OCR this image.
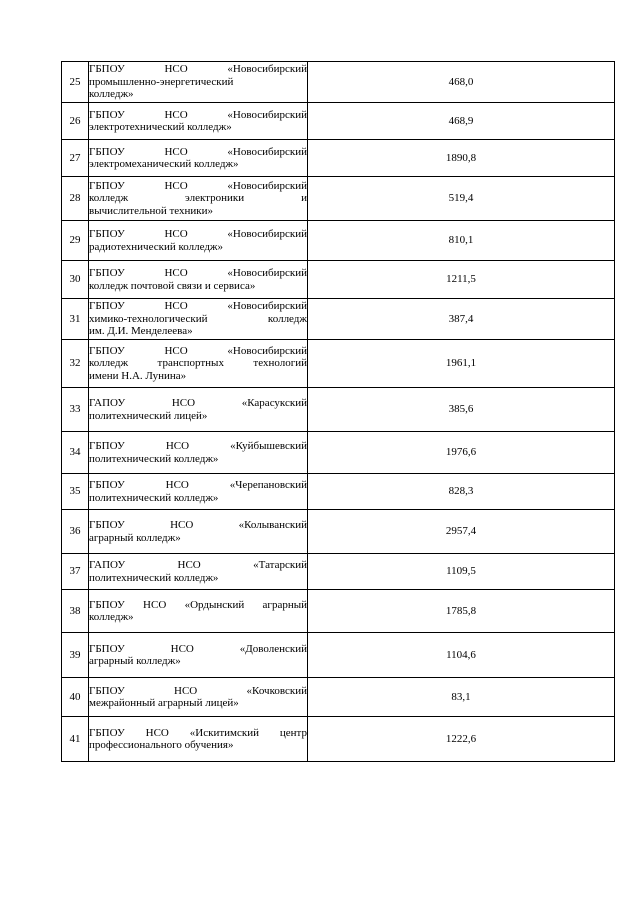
25	ГБПОУ НСО «Новосибирский
промышленно-энергетический
колледж»	468,0
26	ГБПОУ НСО «Новосибирский
электротехнический колледж»	468,9
27	ГБПОУ НСО «Новосибирский
электромеханический колледж»	1890,8
28	ГБПОУ НСО «Новосибирский
колледж электроники и
вычислительной техники»	519,4
29	ГБПОУ НСО «Новосибирский
радиотехнический колледж»	810,1
30	ГБПОУ НСО «Новосибирский
колледж почтовой связи и сервиса»	1211,5
31	ГБПОУ НСО «Новосибирский
химико-технологический колледж
им. Д.И. Менделеева»	387,4
32	ГБПОУ НСО «Новосибирский
колледж транспортных технологий
имени Н.А. Лунина»	1961,1
33	ГАПОУ НСО «Карасукский
политехнический лицей»	385,6
34	ГБПОУ НСО «Куйбышевский
политехнический колледж»	1976,6
35	ГБПОУ НСО «Черепановский
политехнический колледж»	828,3
36	ГБПОУ НСО «Колыванский
аграрный колледж»	2957,4
37	ГАПОУ НСО «Татарский
политехнический колледж»	1109,5
38	ГБПОУ НСО «Ордынский аграрный
колледж»	1785,8
39	ГБПОУ НСО «Доволенский
аграрный колледж»	1104,6
40	ГБПОУ НСО «Кочковский
межрайонный аграрный лицей»	83,1
41	ГБПОУ НСО «Искитимский центр
профессионального обучения»	1222,6
